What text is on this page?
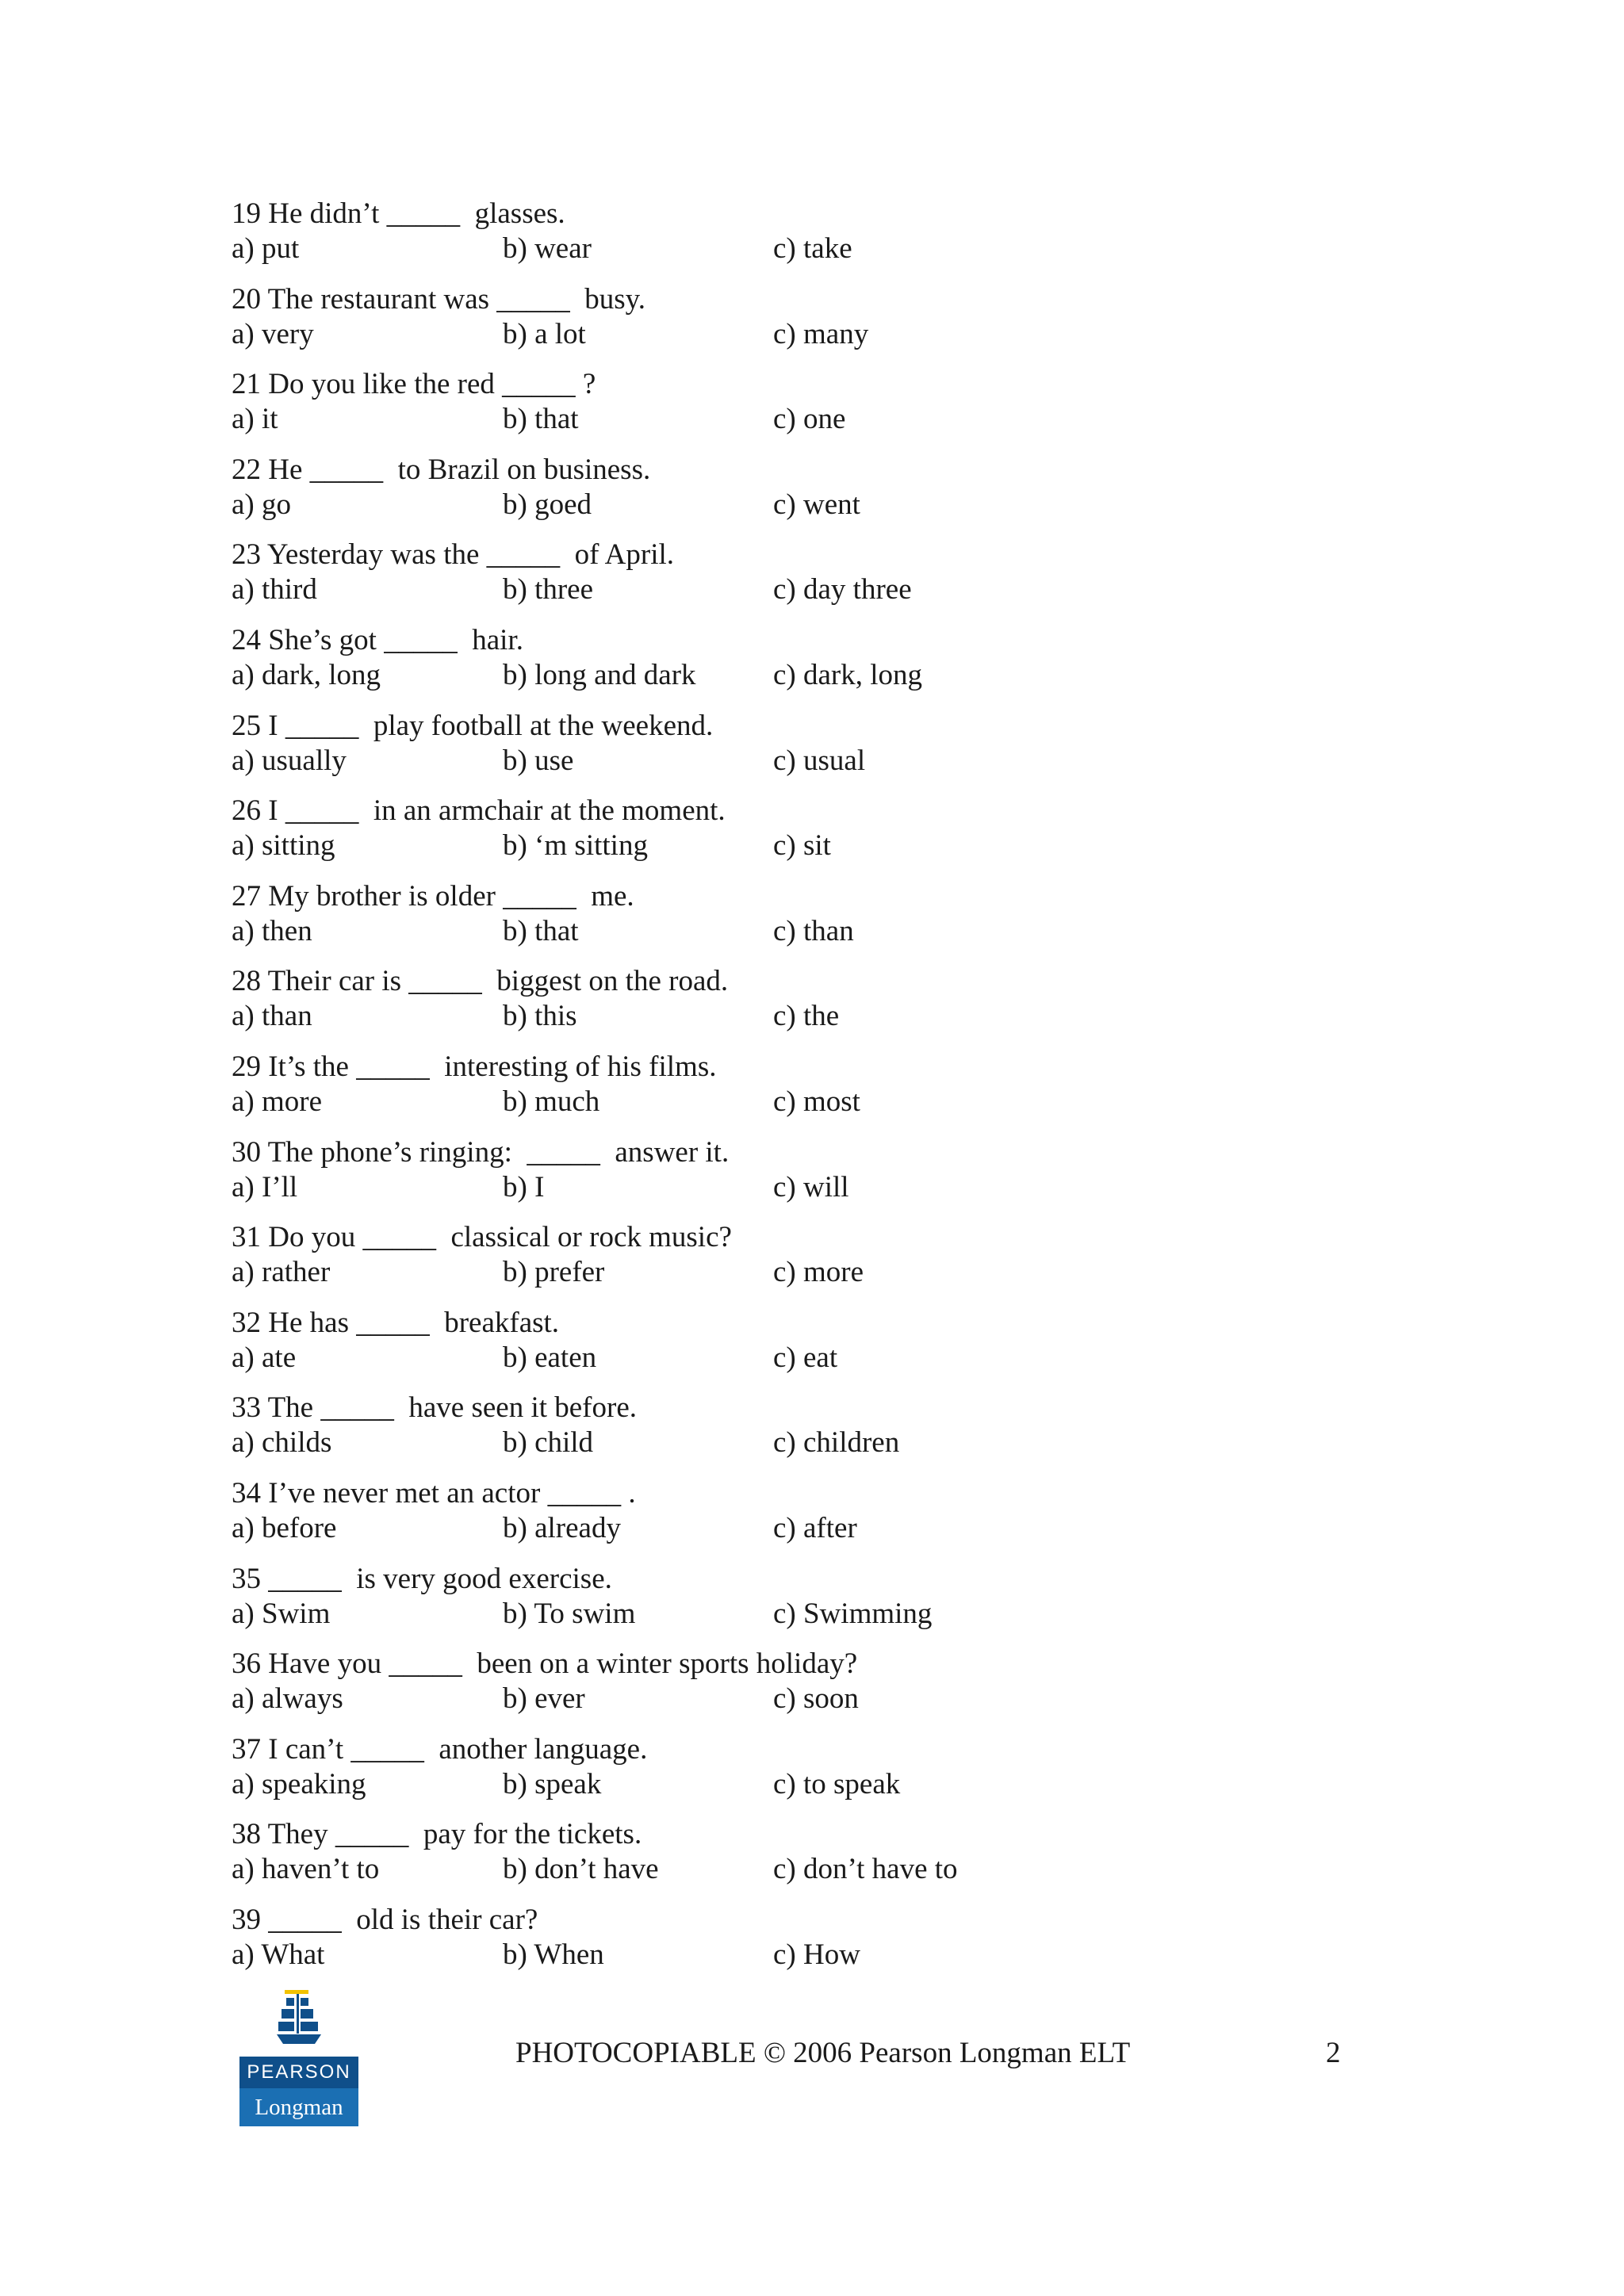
19 He didn’t _____  glasses.

a) put

	b) wear

	c) take

20 The restaurant was _____  busy.

a) very

	b) a lot

	c) many

21 Do you like the red _____ ?

a) it

	b) that

	c) one

22 He _____  to Brazil on business.

a) go

	b) goed

	c) went

23 Yesterday was the _____  of April.

a) third

	b) three

	c) day three

24 She’s got _____  hair.

a) dark, long

	b) long and dark

	c) dark, long

25 I _____  play football at the weekend.

a) usually

	b) use

	c) usual

26 I _____  in an armchair at the moment.

a) sitting

	b) ‘m sitting

	c) sit

27 My brother is older _____  me.

a) then

	b) that

	c) than

28 Their car is _____  biggest on the road.

a) than

	b) this

	c) the

29 It’s the _____  interesting of his films.

a) more

	b) much

	c) most

30 The phone’s ringing:  _____  answer it.

a) I’ll

	b) I

	c) will

31 Do you _____  classical or rock music?

a) rather

	b) prefer

	c) more

32 He has _____  breakfast.

a) ate

	b) eaten

	c) eat

33 The _____  have seen it before.

a) childs

	b) child

	c) children

34 I’ve never met an actor _____ .

a) before

	b) already

	c) after

35 _____  is very good exercise.

a) Swim

	b) To swim

	c) Swimming

36 Have you _____  been on a winter sports holiday?

a) always

	b) ever

	c) soon

37 I can’t _____  another language.

a) speaking

	b) speak

	c) to speak

38 They _____  pay for the tickets.

a) haven’t to

	b) don’t have

	c) don’t have to

39 _____  old is their car?

a) What

	b) When

	c) How

PEARSON
Longman
PHOTOCOPIABLE © 2006 Pearson Longman ELT	2
